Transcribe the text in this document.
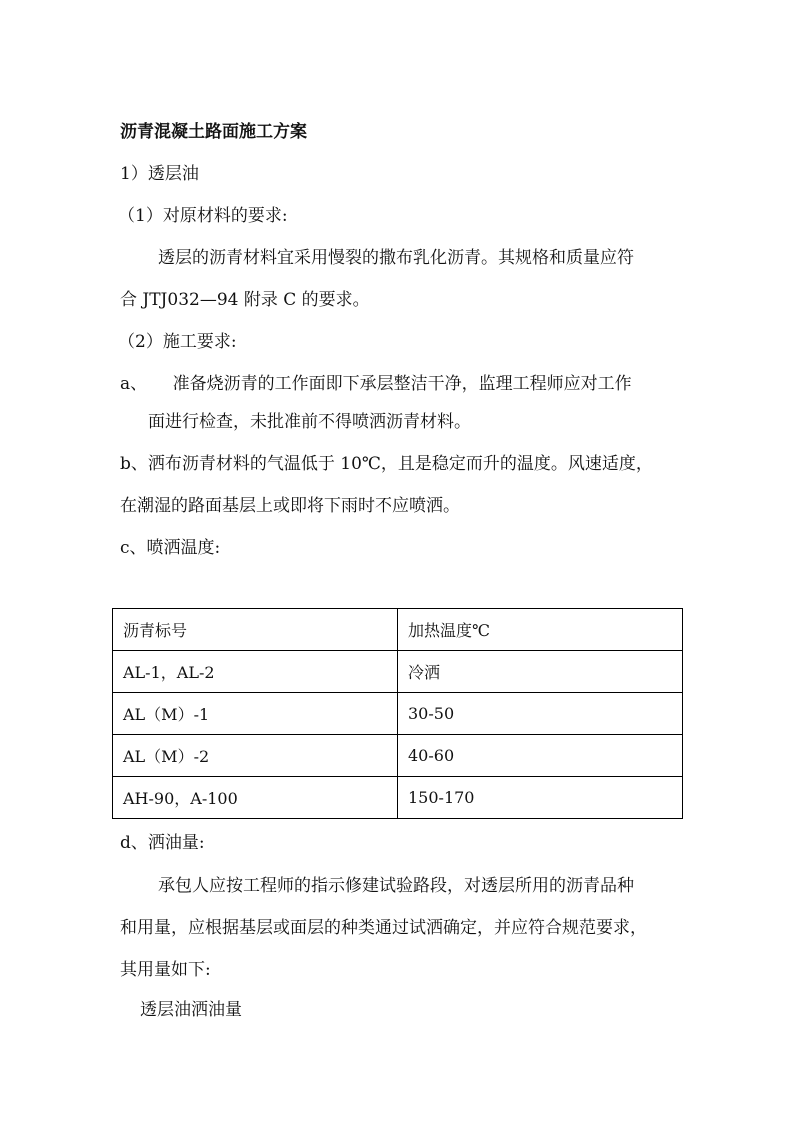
沥青混凝土路面施工方案
1）透层油
（1）对原材料的要求:
透层的沥青材料宜采用慢裂的撒布乳化沥青。其规格和质量应符
合 JTJ032—94 附录 C 的要求。
（2）施工要求:
a、　　准备烧沥青的工作面即下承层整洁干净，监理工程师应对工作
面进行检查，未批准前不得喷洒沥青材料。
b、洒布沥青材料的气温低于 10℃，且是稳定而升的温度。风速适度，
在潮湿的路面基层上或即将下雨时不应喷洒。
c、喷洒温度:
沥青标号	加热温度℃
AL-1，AL-2	冷洒
AL（M）-1	30-50
AL（M）-2	40-60
AH-90，A-100	150-170
d、洒油量:
承包人应按工程师的指示修建试验路段，对透层所用的沥青品种
和用量，应根据基层或面层的种类通过试洒确定，并应符合规范要求，
其用量如下:
透层油洒油量
